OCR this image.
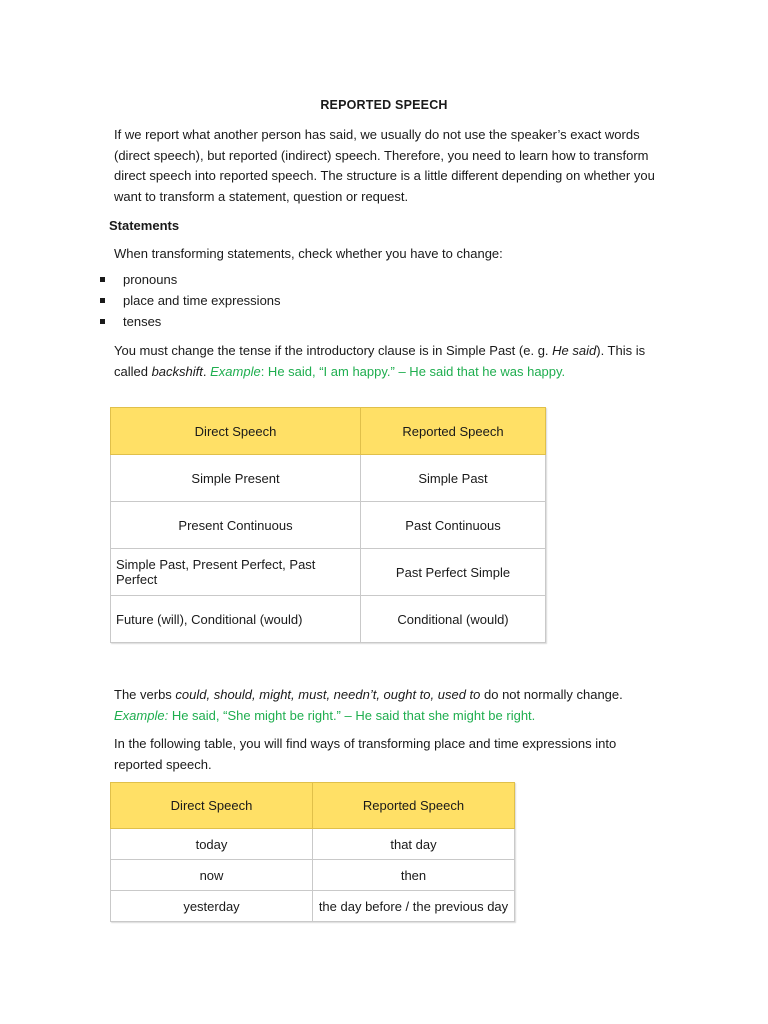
REPORTED SPEECH
If we report what another person has said, we usually do not use the speaker’s exact words (direct speech), but reported (indirect) speech. Therefore, you need to learn how to transform direct speech into reported speech. The structure is a little different depending on whether you want to transform a statement, question or request.
Statements
When transforming statements, check whether you have to change:
pronouns
place and time expressions
tenses
You must change the tense if the introductory clause is in Simple Past (e. g. He said). This is called backshift. Example: He said, “I am happy.” – He said that he was happy.
Direct Speech	Reported Speech
Simple Present	Simple Past
Present Continuous	Past Continuous
Simple Past, Present Perfect, Past Perfect	Past Perfect Simple
Future (will), Conditional (would)	Conditional (would)
The verbs could, should, might, must, needn’t, ought to, used to do not normally change.
Example: He said, “She might be right.” – He said that she might be right.
In the following table, you will find ways of transforming place and time expressions into reported speech.
Direct Speech	Reported Speech
today	that day
now	then
yesterday	the day before / the previous day
